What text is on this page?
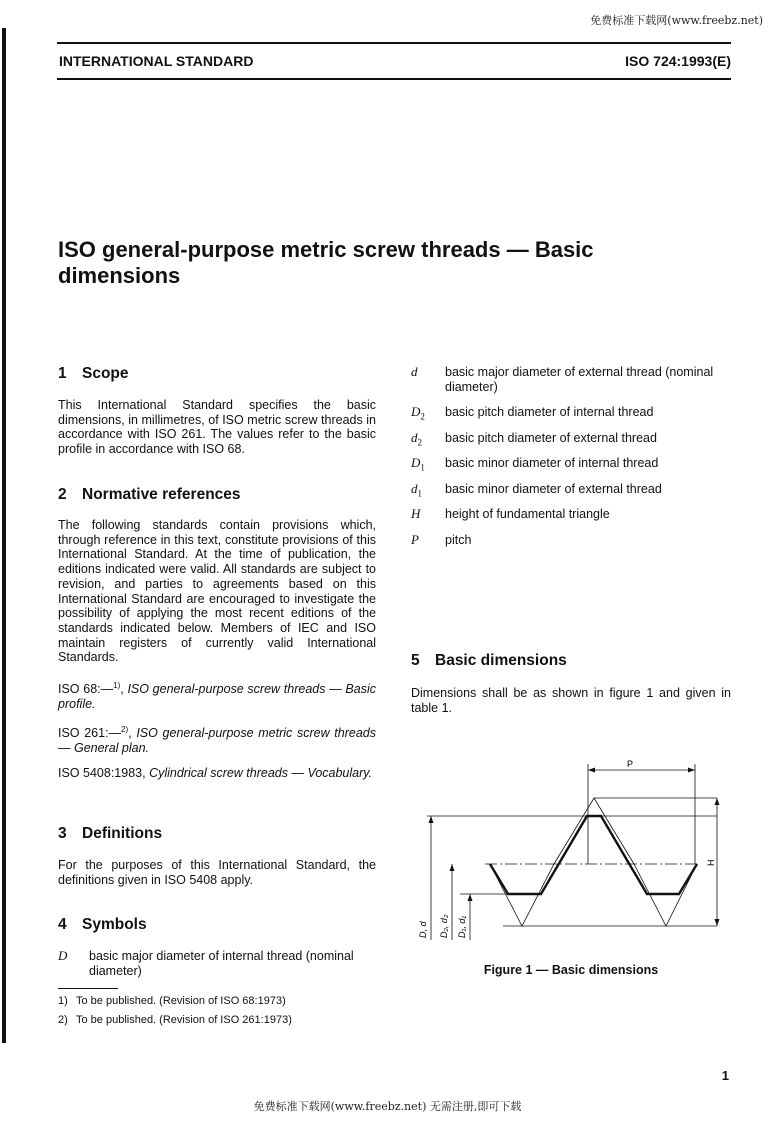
免费标准下载网(www.freebz.net)
INTERNATIONAL STANDARD	ISO 724:1993(E)
ISO general-purpose metric screw threads — Basic dimensions
1 Scope

This International Standard specifies the basic dimensions, in millimetres, of ISO metric screw threads in accordance with ISO 261. The values refer to the basic profile in accordance with ISO 68.

2 Normative references

The following standards contain provisions which, through reference in this text, constitute provisions of this International Standard. At the time of publication, the editions indicated were valid. All standards are subject to revision, and parties to agreements based on this International Standard are encouraged to investigate the possibility of applying the most recent editions of the standards indicated below. Members of IEC and ISO maintain registers of currently valid International Standards.

ISO 68:—$^{1)}$, ISO general-purpose screw threads — Basic profile.

ISO 261:—$^{2)}$, ISO general-purpose metric screw threads — General plan.

ISO 5408:1983, Cylindrical screw threads — Vocabulary.

3 Definitions

For the purposes of this International Standard, the definitions given in ISO 5408 apply.

4 Symbols
D basic major diameter of internal thread (nominal diameter)
1) To be published. (Revision of ISO 68:1973)
2) To be published. (Revision of ISO 261:1973)
d basic major diameter of external thread (nominal diameter)
$D_2$ basic pitch diameter of internal thread
$d_2$ basic pitch diameter of external thread
$D_1$ basic minor diameter of internal thread
$d_1$ basic minor diameter of external thread
H height of fundamental triangle
P pitch
5 Basic dimensions

Dimensions shall be as shown in figure 1 and given in table 1.

P
H
D, d D₂, d₂ D₁, d₁
Figure 1 — Basic dimensions
1
免费标准下载网(www.freebz.net) 无需注册,即可下载
